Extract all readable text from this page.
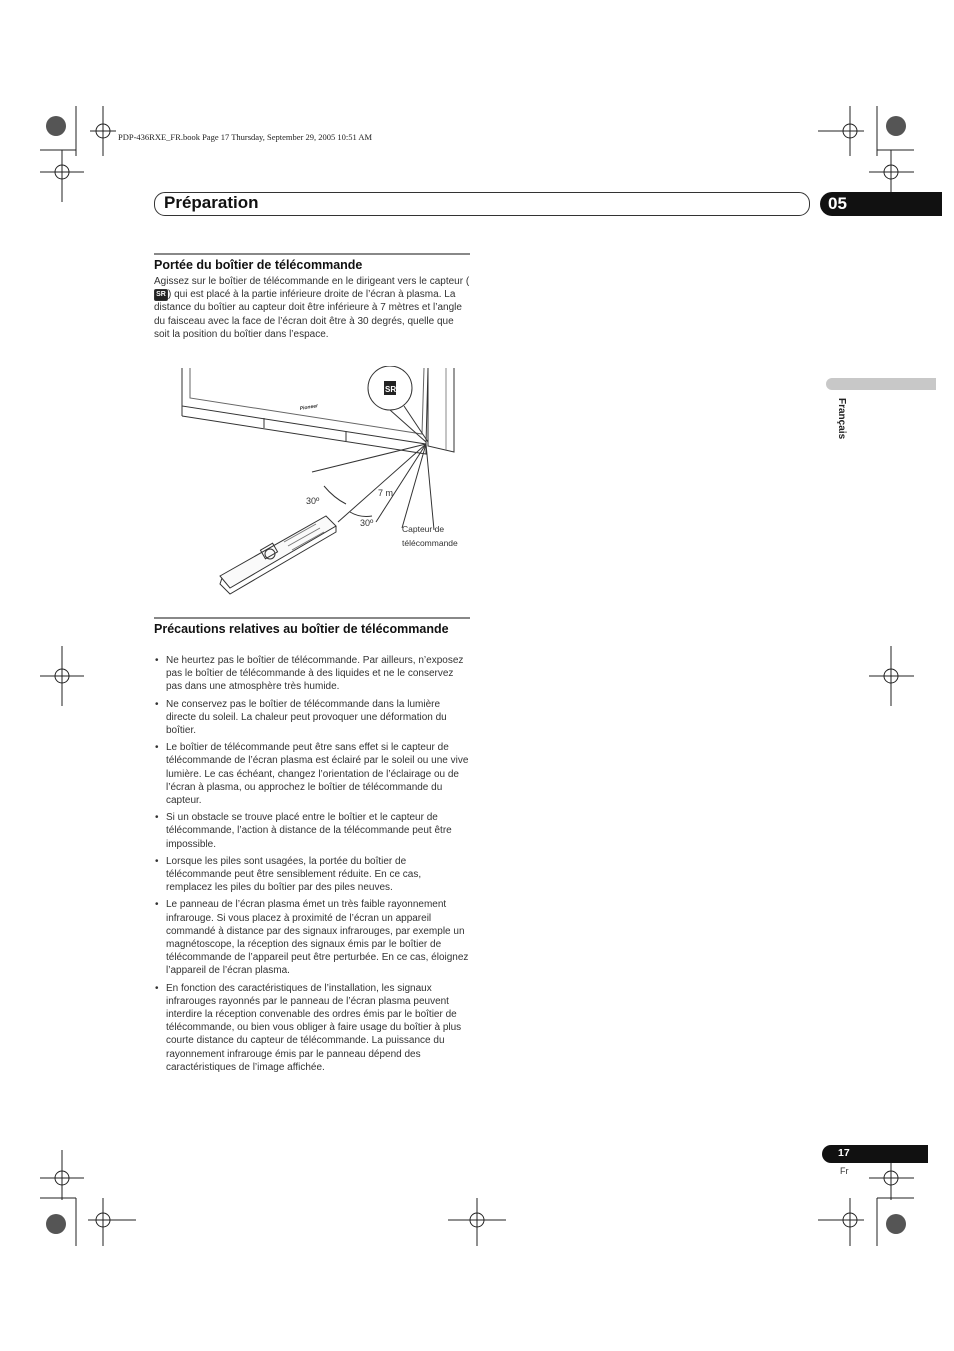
PDP-436RXE_FR.book Page 17 Thursday, September 29, 2005 10:51 AM
Préparation	05
Français
Portée du boîtier de télécommande
Agissez sur le boîtier de télécommande en le dirigeant vers le capteur (SR ) qui est placé à la partie inférieure droite de l’écran à plasma. La distance du boîtier au capteur doit être inférieure à 7 mètres et l’angle du faisceau avec la face de l’écran doit être à 30 degrés, quelle que soit la position du boîtier dans l’espace.
Pioneer
SR
30º
7 m
30º
Capteur de
télécommande
Précautions relatives au boîtier de télécommande
• Ne heurtez pas le boîtier de télécommande. Par ailleurs, n’exposez pas le boîtier de télécommande à des liquides et ne le conservez pas dans une atmosphère très humide.
• Ne conservez pas le boîtier de télécommande dans la lumière directe du soleil. La chaleur peut provoquer une déformation du boîtier.
• Le boîtier de télécommande peut être sans effet si le capteur de télécommande de l’écran plasma est éclairé par le soleil ou une vive lumière. Le cas échéant, changez l’orientation de l’éclairage ou de l’écran à plasma, ou approchez le boîtier de télécommande du capteur.
• Si un obstacle se trouve placé entre le boîtier et le capteur de télécommande, l’action à distance de la télécommande peut être impossible.
• Lorsque les piles sont usagées, la portée du boîtier de télécommande peut être sensiblement réduite. En ce cas, remplacez les piles du boîtier par des piles neuves.
• Le panneau de l’écran plasma émet un très faible rayonnement infrarouge. Si vous placez à proximité de l’écran un appareil commandé à distance par des signaux infrarouges, par exemple un magnétoscope, la réception des signaux émis par le boîtier de télécommande de l’appareil peut être perturbée. En ce cas, éloignez l’appareil de l’écran plasma.
• En fonction des caractéristiques de l’installation, les signaux infrarouges rayonnés par le panneau de l’écran plasma peuvent interdire la réception convenable des ordres émis par le boîtier de télécommande, ou bien vous obliger à faire usage du boîtier à plus courte distance du capteur de télécommande. La puissance du rayonnement infrarouge émis par le panneau dépend des caractéristiques de l’image affichée.
17
Fr
